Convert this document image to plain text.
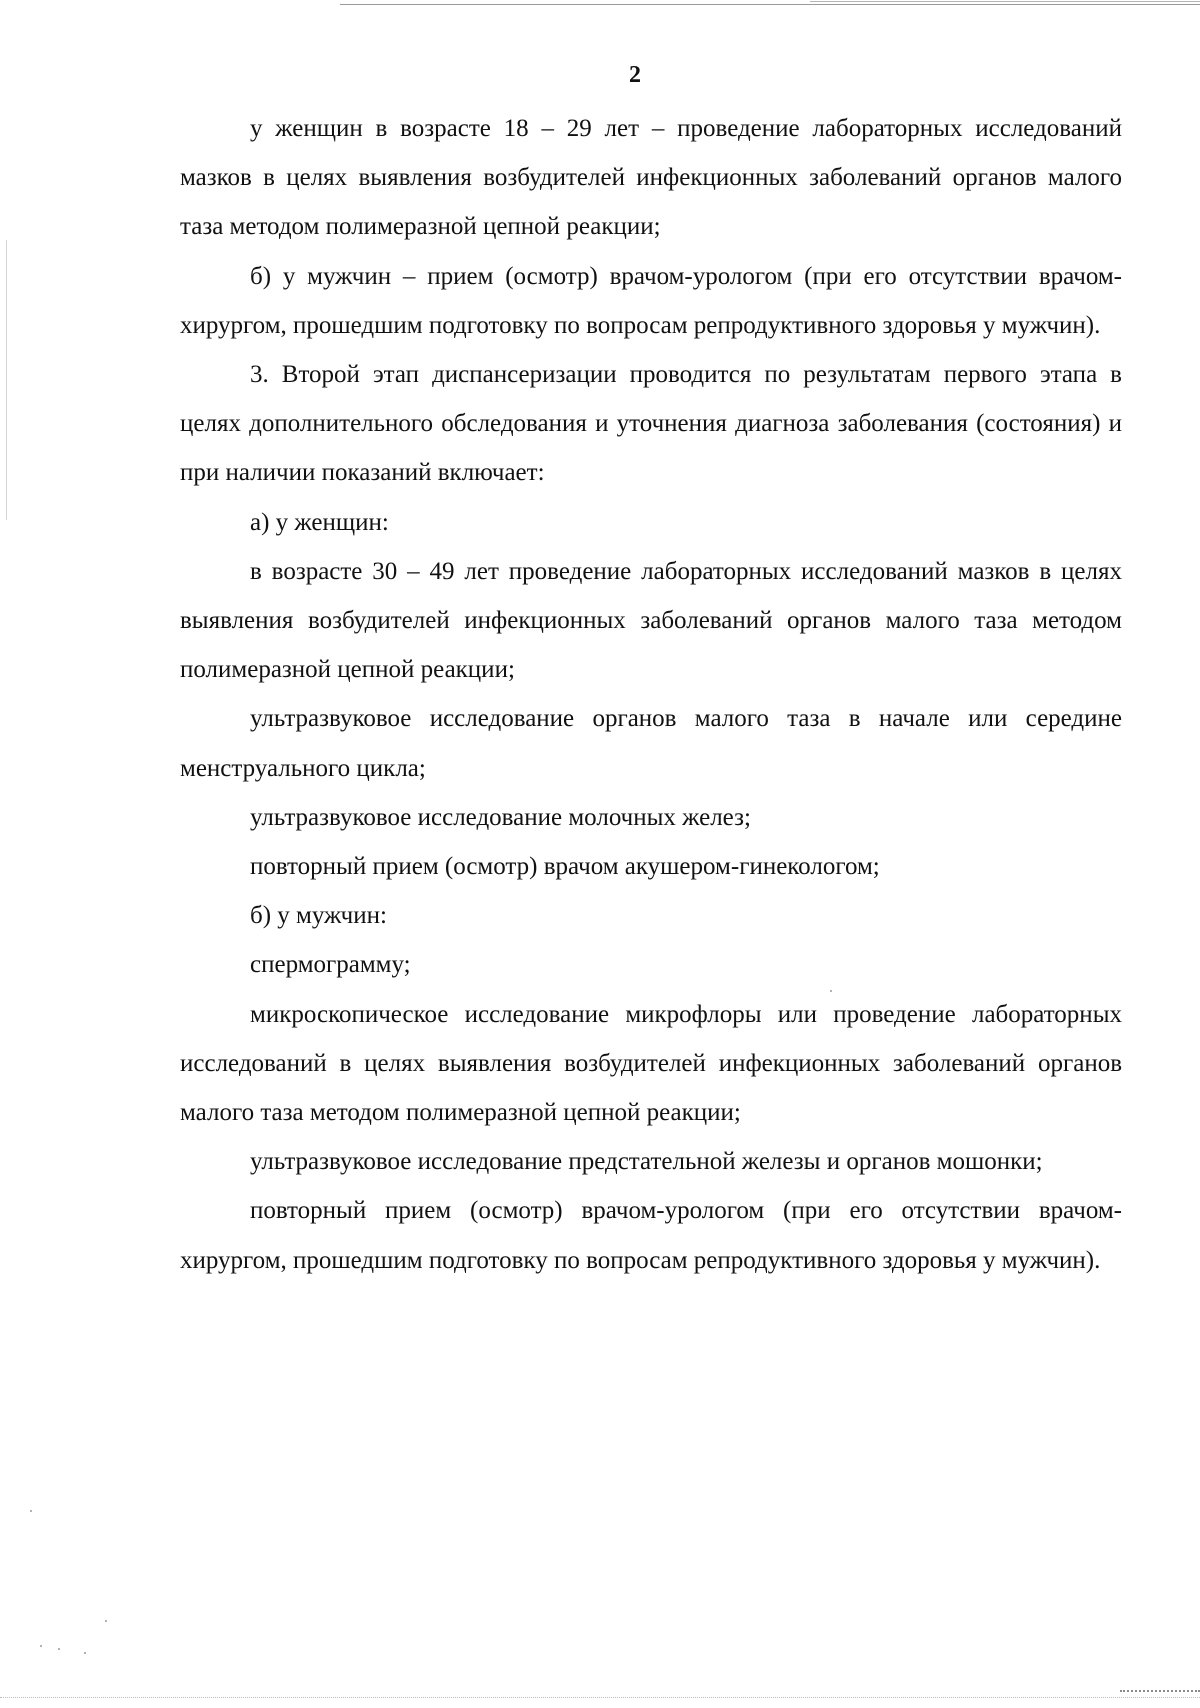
2

у женщин в возрасте 18 – 29 лет – проведение лабораторных исследований мазков в целях выявления возбудителей инфекционных заболеваний органов малого таза методом полимеразной цепной реакции;

б) у мужчин – прием (осмотр) врачом-урологом (при его отсутствии врачом-хирургом, прошедшим подготовку по вопросам репродуктивного здоровья у мужчин).

3. Второй этап диспансеризации проводится по результатам первого этапа в целях дополнительного обследования и уточнения диагноза заболевания (состояния) и при наличии показаний включает:

а) у женщин:

в возрасте 30 – 49 лет проведение лабораторных исследований мазков в целях выявления возбудителей инфекционных заболеваний органов малого таза методом полимеразной цепной реакции;

ультразвуковое исследование органов малого таза в начале или середине менструального цикла;

ультразвуковое исследование молочных желез;

повторный прием (осмотр) врачом акушером-гинекологом;

б) у мужчин:

спермограмму;

микроскопическое исследование микрофлоры или проведение лабораторных исследований в целях выявления возбудителей инфекционных заболеваний органов малого таза методом полимеразной цепной реакции;

ультразвуковое исследование предстательной железы и органов мошонки;

повторный прием (осмотр) врачом-урологом (при его отсутствии врачом-хирургом, прошедшим подготовку по вопросам репродуктивного здоровья у мужчин).
